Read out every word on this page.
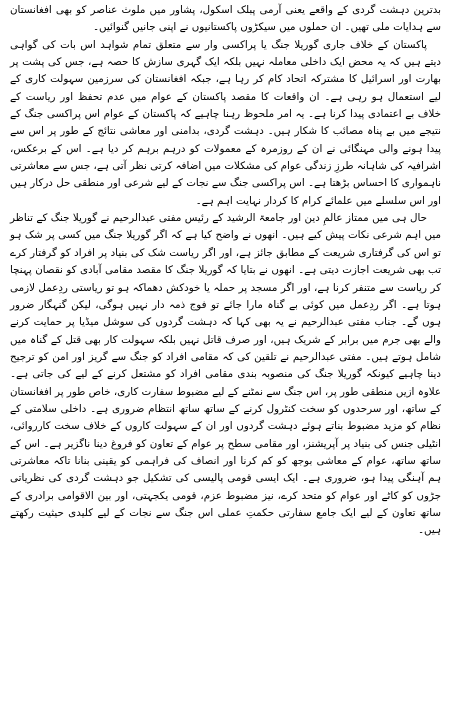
بدترین دہشت گردی کے واقعے یعنی آرمی پبلک اسکول، پشاور میں ملوث عناصر کو بھی افغانستان سے ہدایات ملی تھیں۔ ان حملوں میں سیکڑوں پاکستانیوں نے اپنی جانیں گنوائیں۔

پاکستان کے خلاف جاری گوریلا جنگ یا پراکسی وار سے متعلق تمام شواہد اس بات کی گواہی دیتے ہیں کہ یہ محض ایک داخلی معاملہ نہیں بلکہ ایک گہری سازش کا حصہ ہے، جس کی پشت پر بھارت اور اسرائیل کا مشترکہ اتحاد کام کر رہا ہے، جبکہ افغانستان کی سرزمین سہولت کاری کے لیے استعمال ہو رہی ہے۔ ان واقعات کا مقصد پاکستان کے عوام میں عدم تحفظ اور ریاست کے خلاف بے اعتمادی پیدا کرنا ہے۔ یہ امر ملحوظ رہنا چاہیے کہ پاکستان کے عوام اس پراکسی جنگ کے نتیجے میں بے پناہ مصائب کا شکار ہیں۔ دہشت گردی، بدامنی اور معاشی نتائج کے طور پر اس سے پیدا ہونے والی مہنگائی نے ان کے روزمرہ کے معمولات کو درہم برہم کر دیا ہے۔ اس کے برعکس، اشرافیہ کی شاہانہ طرزِ زندگی عوام کی مشکلات میں اضافہ کرتی نظر آتی ہے، جس سے معاشرتی ناہمواری کا احساس بڑھتا ہے۔ اس پراکسی جنگ سے نجات کے لیے شرعی اور منطقی حل درکار ہیں اور اس سلسلے میں علمائے کرام کا کردار نہایت اہم ہے۔

حال ہی میں ممتاز عالمِ دین اور جامعۃ الرشید کے رئیس مفتی عبدالرحیم نے گوریلا جنگ کے تناظر میں اہم شرعی نکات پیش کیے ہیں۔ انھوں نے واضح کیا ہے کہ اگر گوریلا جنگ میں کسی پر شک ہو تو اس کی گرفتاری شریعت کے مطابق جائز ہے، اور اگر ریاست شک کی بنیاد پر افراد کو گرفتار کرے تب بھی شریعت اجازت دیتی ہے۔ انھوں نے بتایا کہ گوریلا جنگ کا مقصد مقامی آبادی کو نقصان پہنچا کر ریاست سے متنفر کرنا ہے، اور اگر مسجد پر حملہ یا خودکش دھماکہ ہو تو ریاستی ردِعمل لازمی ہوتا ہے۔ اگر ردِعمل میں کوئی بے گناہ مارا جائے تو فوج ذمہ دار نہیں ہوگی، لیکن گنہگار ضرور ہوں گے۔ جناب مفتی عبدالرحیم نے یہ بھی کہا کہ دہشت گردوں کی سوشل میڈیا پر حمایت کرنے والے بھی جرم میں برابر کے شریک ہیں، اور صرف قاتل نہیں بلکہ سہولت کار بھی قتل کے گناہ میں شامل ہوتے ہیں۔ مفتی عبدالرحیم نے تلقین کی کہ مقامی افراد کو جنگ سے گریز اور امن کو ترجیح دینا چاہیے کیونکہ گوریلا جنگ کی منصوبہ بندی مقامی افراد کو مشتعل کرنے کے لیے کی جاتی ہے۔ علاوہ ازیں منطقی طور پر، اس جنگ سے نمٹنے کے لیے مضبوط سفارت کاری، خاص طور پر افغانستان کے ساتھ، اور سرحدوں کو سخت کنٹرول کرنے کے ساتھ ساتھ انتظام ضروری ہے۔ داخلی سلامتی کے نظام کو مزید مضبوط بناتے ہوئے دہشت گردوں اور ان کے سہولت کاروں کے خلاف سخت کارروائی، انٹیلی جنس کی بنیاد پر آپریشنز، اور مقامی سطح پر عوام کے تعاون کو فروغ دینا ناگزیر ہے۔ اس کے ساتھ ساتھ، عوام کے معاشی بوجھ کو کم کرنا اور انصاف کی فراہمی کو یقینی بنانا تاکہ معاشرتی ہم آہنگی پیدا ہو، ضروری ہے۔ ایک ایسی قومی پالیسی کی تشکیل جو دہشت گردی کی نظریاتی جڑوں کو کاٹے اور عوام کو متحد کرے، نیز مضبوط عزم، قومی یکجہتی، اور بین الاقوامی برادری کے ساتھ تعاون کے لیے ایک جامع سفارتی حکمتِ عملی اس جنگ سے نجات کے لیے کلیدی حیثیت رکھتے ہیں۔
